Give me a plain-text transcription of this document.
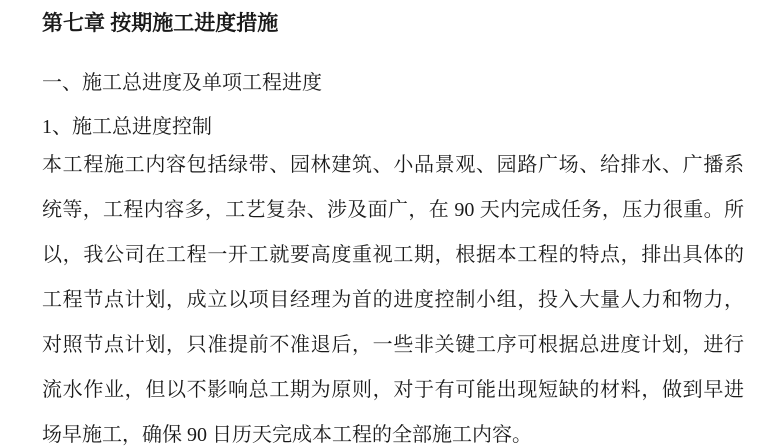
第七章 按期施工进度措施
一、施工总进度及单项工程进度
1、施工总进度控制
本工程施工内容包括绿带、园林建筑、小品景观、园路广场、给排水、广播系
统等，工程内容多，工艺复杂、涉及面广，在 90 天内完成任务，压力很重。所
以，我公司在工程一开工就要高度重视工期，根据本工程的特点，排出具体的
工程节点计划，成立以项目经理为首的进度控制小组，投入大量人力和物力，
对照节点计划，只准提前不准退后，一些非关键工序可根据总进度计划，进行
流水作业，但以不影响总工期为原则，对于有可能出现短缺的材料，做到早进
场早施工，确保 90 日历天完成本工程的全部施工内容。
